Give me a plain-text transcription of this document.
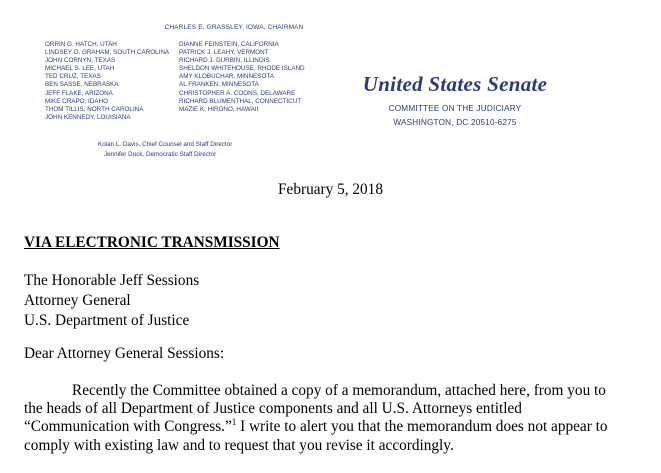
CHARLES E. GRASSLEY, IOWA, CHAIRMAN
ORRIN G. HATCH, UTAH
LINDSEY O. GRAHAM, SOUTH CAROLINA
JOHN CORNYN, TEXAS
MICHAEL S. LEE, UTAH
TED CRUZ, TEXAS
BEN SASSE, NEBRASKA
JEFF FLAKE, ARIZONA
MIKE CRAPO, IDAHO
THOM TILLIS, NORTH CAROLINA
JOHN KENNEDY, LOUISIANA
DIANNE FEINSTEIN, CALIFORNIA
PATRICK J. LEAHY, VERMONT
RICHARD J. DURBIN, ILLINOIS
SHELDON WHITEHOUSE, RHODE ISLAND
AMY KLOBUCHAR, MINNESOTA
AL FRANKEN, MINNESOTA
CHRISTOPHER A. COONS, DELAWARE
RICHARD BLUMENTHAL, CONNECTICUT
MAZIE K. HIRONO, HAWAII
Kolan L. Davis, Chief Counsel and Staff Director
Jennifer Duck, Democratic Staff Director
United States Senate
COMMITTEE ON THE JUDICIARY
WASHINGTON, DC 20510-6275
February 5, 2018
VIA ELECTRONIC TRANSMISSION
The Honorable Jeff Sessions
Attorney General
U.S. Department of Justice
Dear Attorney General Sessions:
Recently the Committee obtained a copy of a memorandum, attached here, from you to
the heads of all Department of Justice components and all U.S. Attorneys entitled
“Communication with Congress.”$^1$ I write to alert you that the memorandum does not appear to
comply with existing law and to request that you revise it accordingly.
